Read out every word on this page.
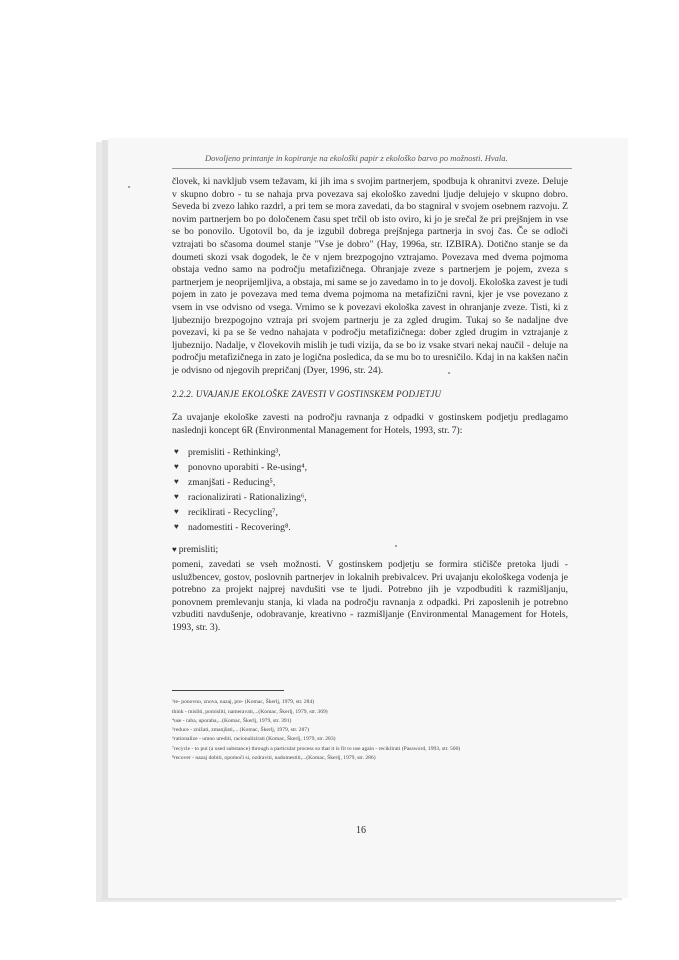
Dovoljeno printanje in kopiranje na ekološki papir z ekološko barvo po možnosti. Hvala.

človek, ki navkljub vsem težavam, ki jih ima s svojim partnerjem, spodbuja k ohranitvi zveze. Deluje v skupno dobro - tu se nahaja prva povezava saj ekološko zavedni ljudje delujejo v skupno dobro. Seveda bi zvezo lahko razdrl, a pri tem se mora zavedati, da bo stagniral v svojem osebnem razvoju. Z novim partnerjem bo po določenem času spet trčil ob isto oviro, ki jo je srečal že pri prejšnjem in vse se bo ponovilo. Ugotovil bo, da je izgubil dobrega prejšnjega partnerja in svoj čas. Če se odloči vztrajati bo sčasoma doumel stanje "Vse je dobro" (Hay, 1996a, str. IZBIRA). Dotično stanje se da doumeti skozi vsak dogodek, le če v njem brezpogojno vztrajamo. Povezava med dvema pojmoma obstaja vedno samo na področju metafizičnega. Ohranjaje zveze s partnerjem je pojem, zveza s partnerjem je neoprijemljiva, a obstaja, mi same se jo zavedamo in to je dovolj. Ekološka zavest je tudi pojem in zato je povezava med tema dvema pojmoma na metafizični ravni, kjer je vse povezano z vsem in vse odvisno od vsega. Vrnimo se k povezavi ekološka zavest in ohranjanje zveze. Tisti, ki z ljubeznijo brezpogojno vztraja pri svojem partnerju je za zgled drugim. Tukaj so še nadaljne dve povezavi, ki pa se še vedno nahajata v področju metafizičnega: dober zgled drugim in vztrajanje z ljubeznijo. Nadalje, v človekovih mislih je tudi vizija, da se bo iz vsake stvari nekaj naučil - deluje na področju metafizičnega in zato je logična posledica, da se mu bo to uresničilo. Kdaj in na kakšen način je odvisno od njegovih prepričanj (Dyer, 1996, str. 24).

2.2.2. UVAJANJE EKOLOŠKE ZAVESTI V GOSTINSKEM PODJETJU

Za uvajanje ekološke zavesti na področju ravnanja z odpadki v gostinskem podjetju predlagamo naslednji koncept 6R (Environmental Management for Hotels, 1993, str. 7):

♥ premisliti - Rethinking³,
♥ ponovno uporabiti - Re-using⁴,
♥ zmanjšati - Reducing⁵,
♥ racionalizirati - Rationalizing⁶,
♥ reciklirati - Recycling⁷,
♥ nadomestiti - Recovering⁸.
♥ premisliti;

pomeni, zavedati se vseh možnosti. V gostinskem podjetju se formira stičišče pretoka ljudi - uslužbencev, gostov, poslovnih partnerjev in lokalnih prebivalcev. Pri uvajanju ekološkega vodenja je potrebno za projekt najprej navdušiti vse te ljudi. Potrebno jih je vzpodbuditi k razmišljanju, ponovnem premlevanju stanja, ki vlada na področju ravnanja z odpadki. Pri zaposlenih je potrebno vzbuditi navdušenje, odobravanje, kreativno - razmišljanje (Environmental Management for Hotels, 1993, str. 3).

³re- ponovno, znova, nazaj, pre- (Komac, Škerlj, 1979, str. 284)
think - misliti, pomisliti, nameravati,...(Komac, Škerlj, 1979, str. 369)
⁴use - raba, uporaba,...(Komac, Škerlj, 1979, str. 391)
⁵reduce - znižati, zmanjšati,... (Komac, Škerlj, 1979, str. 287)
⁶rationalize - umno urediti, racionalizirati (Komac, Škerlj, 1979, str. 283)
⁷recycle - to put (a used substance) through a particular process so that it is fit to use again - reciklirati (Password, 1993, str. 500)
⁸recover - nazaj dobiti, opomoči si, ozdraviti, nadomestiti,...(Komac, Škerlj, 1979, str. 286)
16
